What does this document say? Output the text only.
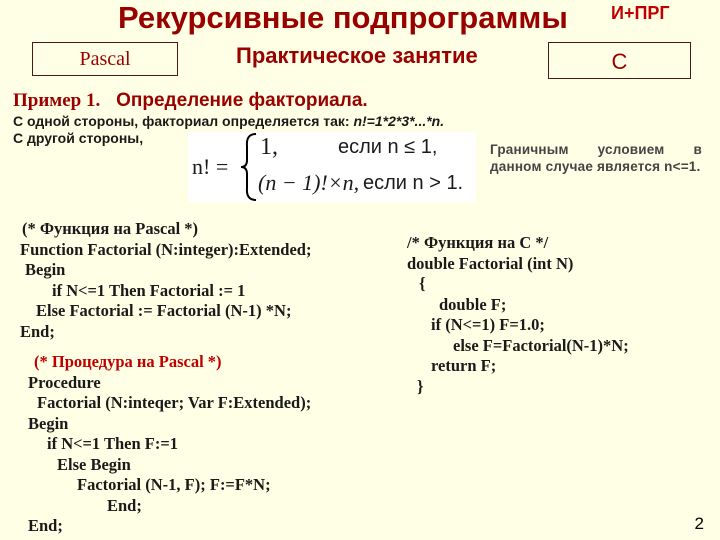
Рекурсивные подпрограммы И+ПРГ
Pascal	Практическое занятие	C
Пример 1. Определение факториала.
С одной стороны, факториал определяется так: n!=1*2*3*...*n.
С другой стороны,
n! =
1,	если n ≤ 1,
(n − 1)!×n, если n > 1.
Граничным условием в данном случае является n<=1.
(* Функция на Pascal *)
Function Factorial (N:integer):Extended;
Begin
if N<=1 Then Factorial := 1
Else Factorial := Factorial (N-1) *N;
End;
(* Процедура на Pascal *)
Procedure
Factorial (N:inteqer; Var F:Extended);
Begin
if N<=1 Then F:=1
Else Begin
Factorial (N-1, F); F:=F*N;
End;
End;
/* Функция на С */
double Factorial (int N)
{
double F;
if (N<=1) F=1.0;
else F=Factorial(N-1)*N;
return F;
}
2
